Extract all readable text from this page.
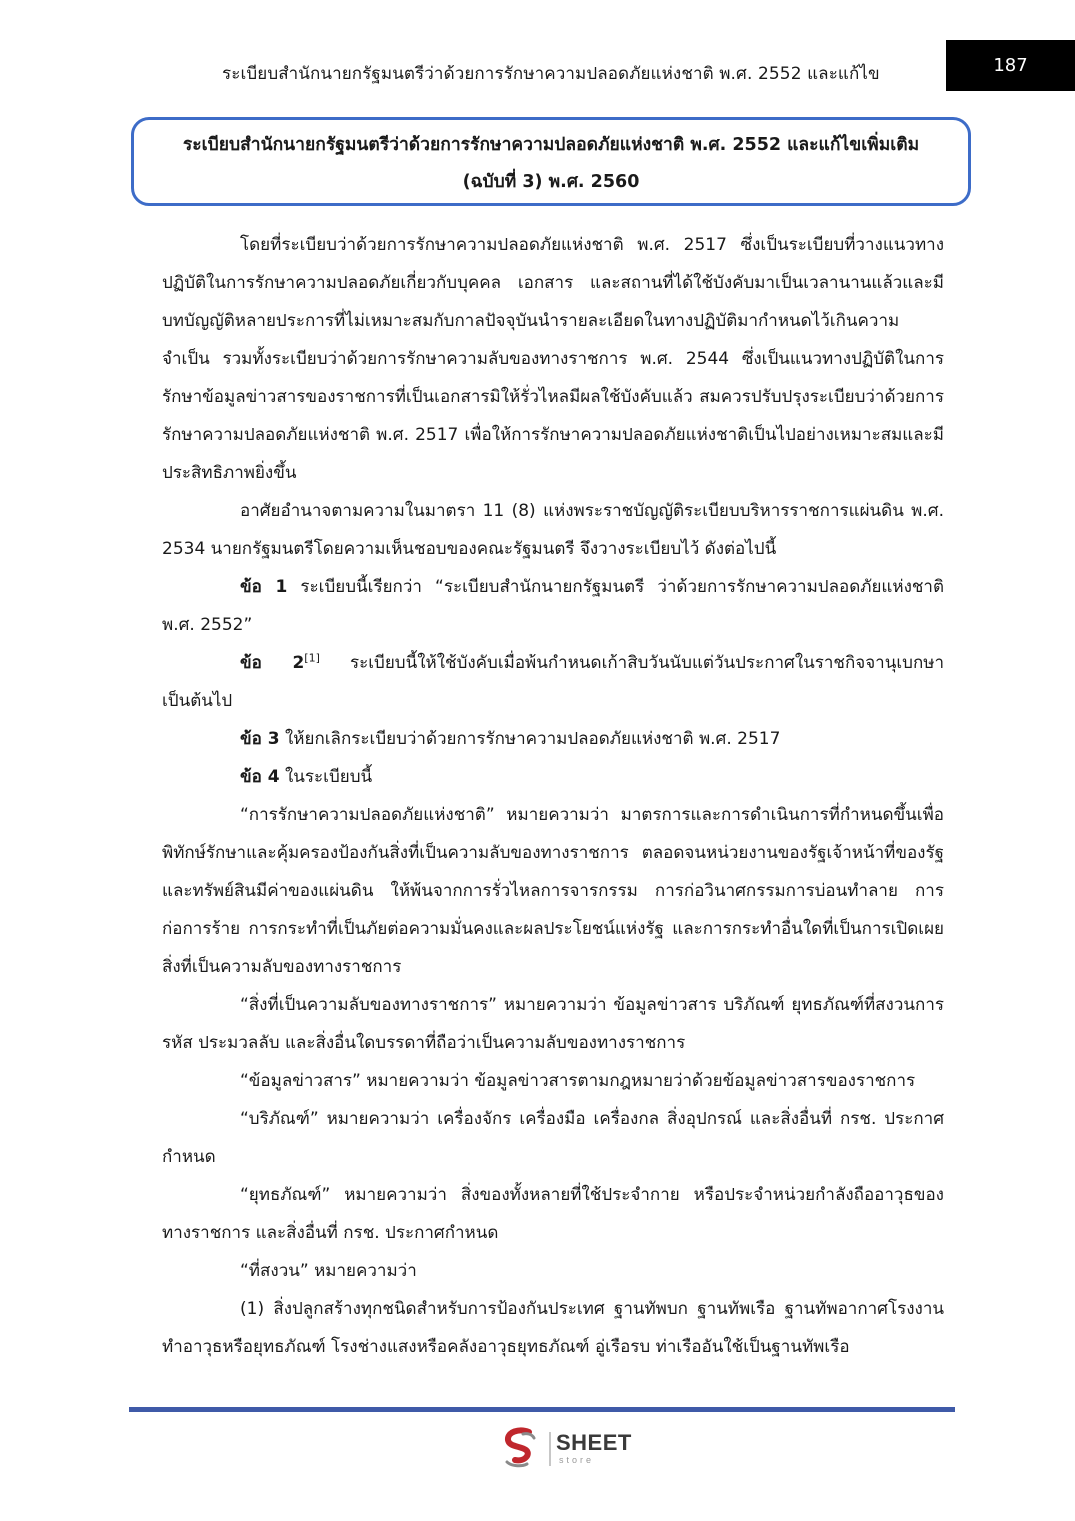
ระเบียบสำนักนายกรัฐมนตรีว่าด้วยการรักษาความปลอดภัยแห่งชาติ พ.ศ. 2552 และแก้ไข	187
ระเบียบสำนักนายกรัฐมนตรีว่าด้วยการรักษาความปลอดภัยแห่งชาติ พ.ศ. 2552 และแก้ไขเพิ่มเติม
(ฉบับที่ 3) พ.ศ. 2560

โดยที่ระเบียบว่าด้วยการรักษาความปลอดภัยแห่งชาติ พ.ศ. 2517 ซึ่งเป็นระเบียบที่วางแนวทางปฏิบัติในการรักษาความปลอดภัยเกี่ยวกับบุคคล เอกสาร และสถานที่ได้ใช้บังคับมาเป็นเวลานานแล้วและมีบทบัญญัติหลายประการที่ไม่เหมาะสมกับกาลปัจจุบันนำรายละเอียดในทางปฏิบัติมากำหนดไว้เกินความจำเป็น รวมทั้งระเบียบว่าด้วยการรักษาความลับของทางราชการ พ.ศ. 2544 ซึ่งเป็นแนวทางปฏิบัติในการรักษาข้อมูลข่าวสารของราชการที่เป็นเอกสารมิให้รั่วไหลมีผลใช้บังคับแล้ว สมควรปรับปรุงระเบียบว่าด้วยการรักษาความปลอดภัยแห่งชาติ พ.ศ. 2517 เพื่อให้การรักษาความปลอดภัยแห่งชาติเป็นไปอย่างเหมาะสมและมีประสิทธิภาพยิ่งขึ้น

อาศัยอำนาจตามความในมาตรา 11 (8) แห่งพระราชบัญญัติระเบียบบริหารราชการแผ่นดิน พ.ศ. 2534 นายกรัฐมนตรีโดยความเห็นชอบของคณะรัฐมนตรี จึงวางระเบียบไว้ ดังต่อไปนี้

ข้อ 1 ระเบียบนี้เรียกว่า “ระเบียบสำนักนายกรัฐมนตรี ว่าด้วยการรักษาความปลอดภัยแห่งชาติ พ.ศ. 2552”

ข้อ 2[1] ระเบียบนี้ให้ใช้บังคับเมื่อพ้นกำหนดเก้าสิบวันนับแต่วันประกาศในราชกิจจานุเบกษาเป็นต้นไป

ข้อ 3 ให้ยกเลิกระเบียบว่าด้วยการรักษาความปลอดภัยแห่งชาติ พ.ศ. 2517

ข้อ 4 ในระเบียบนี้

“การรักษาความปลอดภัยแห่งชาติ” หมายความว่า มาตรการและการดำเนินการที่กำหนดขึ้นเพื่อพิทักษ์รักษาและคุ้มครองป้องกันสิ่งที่เป็นความลับของทางราชการ ตลอดจนหน่วยงานของรัฐเจ้าหน้าที่ของรัฐ และทรัพย์สินมีค่าของแผ่นดิน ให้พ้นจากการรั่วไหลการจารกรรม การก่อวินาศกรรมการบ่อนทำลาย การก่อการร้าย การกระทำที่เป็นภัยต่อความมั่นคงและผลประโยชน์แห่งรัฐ และการกระทำอื่นใดที่เป็นการเปิดเผยสิ่งที่เป็นความลับของทางราชการ

“สิ่งที่เป็นความลับของทางราชการ” หมายความว่า ข้อมูลข่าวสาร บริภัณฑ์ ยุทธภัณฑ์ที่สงวนการรหัส ประมวลลับ และสิ่งอื่นใดบรรดาที่ถือว่าเป็นความลับของทางราชการ

“ข้อมูลข่าวสาร” หมายความว่า ข้อมูลข่าวสารตามกฎหมายว่าด้วยข้อมูลข่าวสารของราชการ

“บริภัณฑ์” หมายความว่า เครื่องจักร เครื่องมือ เครื่องกล สิ่งอุปกรณ์ และสิ่งอื่นที่ กรช. ประกาศกำหนด

“ยุทธภัณฑ์” หมายความว่า สิ่งของทั้งหลายที่ใช้ประจำกาย หรือประจำหน่วยกำลังถืออาวุธของทางราชการ และสิ่งอื่นที่ กรช. ประกาศกำหนด

“ที่สงวน” หมายความว่า

(1) สิ่งปลูกสร้างทุกชนิดสำหรับการป้องกันประเทศ ฐานทัพบก ฐานทัพเรือ ฐานทัพอากาศโรงงานทำอาวุธหรือยุทธภัณฑ์ โรงช่างแสงหรือคลังอาวุธยุทธภัณฑ์ อู่เรือรบ ท่าเรืออันใช้เป็นฐานทัพเรือ

SHEET
store
